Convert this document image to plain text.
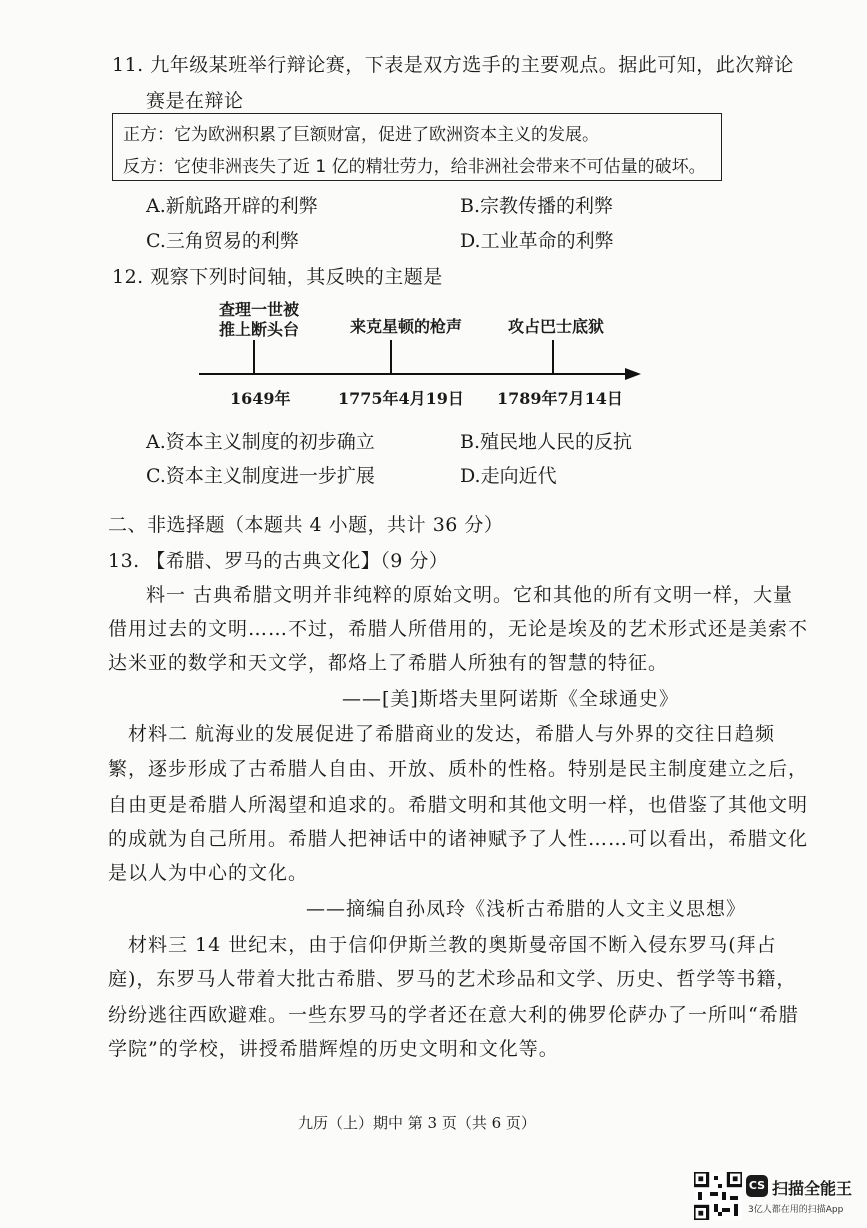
11. 九年级某班举行辩论赛，下表是双方选手的主要观点。据此可知，此次辩论
赛是在辩论
正方：它为欧洲积累了巨额财富，促进了欧洲资本主义的发展。
反方：它使非洲丧失了近 1 亿的精壮劳力，给非洲社会带来不可估量的破坏。
A.新航路开辟的利弊	B.宗教传播的利弊
C.三角贸易的利弊	D.工业革命的利弊
12. 观察下列时间轴，其反映的主题是
查理一世被
推上断头台	来克星顿的枪声	攻占巴士底狱
1649年	1775年4月19日 1789年7月14日
A.资本主义制度的初步确立	B.殖民地人民的反抗
C.资本主义制度进一步扩展	D.走向近代
二、非选择题（本题共 4 小题，共计 36 分）
13. 【希腊、罗马的古典文化】（9 分）
料一 古典希腊文明并非纯粹的原始文明。它和其他的所有文明一样，大量
借用过去的文明……不过，希腊人所借用的，无论是埃及的艺术形式还是美索不
达米亚的数学和天文学，都烙上了希腊人所独有的智慧的特征。
——[美]斯塔夫里阿诺斯《全球通史》
材料二 航海业的发展促进了希腊商业的发达，希腊人与外界的交往日趋频
繁，逐步形成了古希腊人自由、开放、质朴的性格。特别是民主制度建立之后，
自由更是希腊人所渴望和追求的。希腊文明和其他文明一样，也借鉴了其他文明
的成就为自己所用。希腊人把神话中的诸神赋予了人性……可以看出，希腊文化
是以人为中心的文化。
——摘编自孙凤玲《浅析古希腊的人文主义思想》
材料三 14 世纪末，由于信仰伊斯兰教的奥斯曼帝国不断入侵东罗马(拜占
庭)，东罗马人带着大批古希腊、罗马的艺术珍品和文学、历史、哲学等书籍，
纷纷逃往西欧避难。一些东罗马的学者还在意大利的佛罗伦萨办了一所叫“希腊
学院”的学校，讲授希腊辉煌的历史文明和文化等。
九历（上）期中 第 3 页（共 6 页）
CS 扫描全能王
3亿人都在用的扫描App
